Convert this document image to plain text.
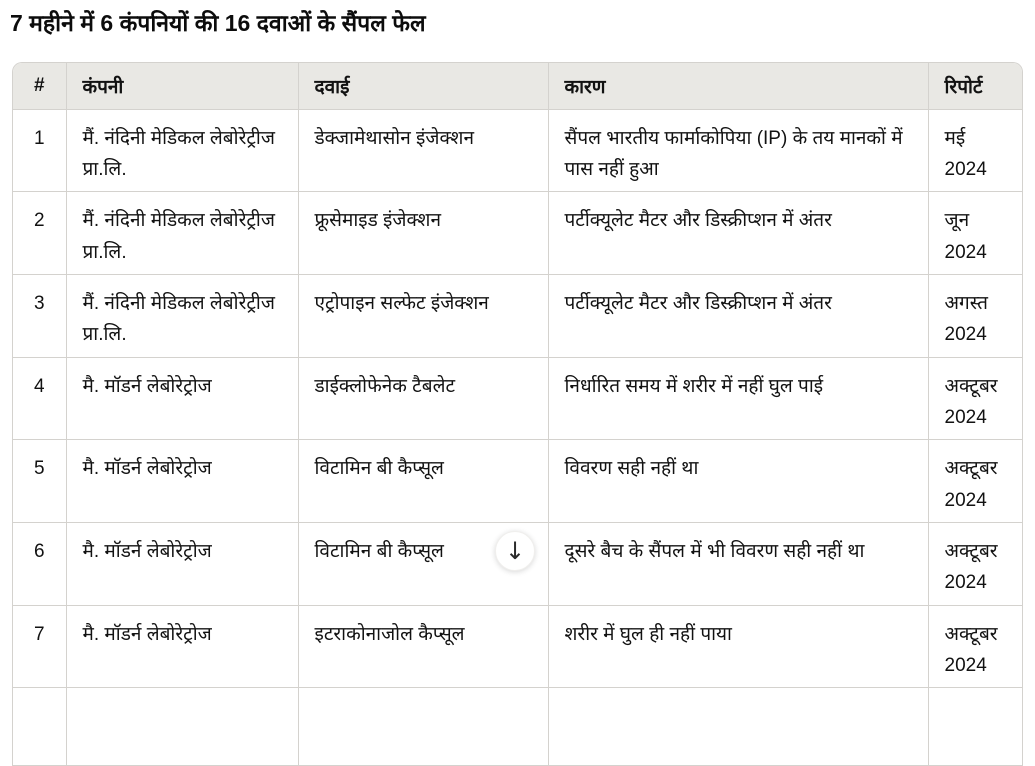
7 महीने में 6 कंपनियों की 16 दवाओं के सैंपल फेल
#	कंपनी	दवाई	कारण	रिपोर्ट
1	मैं. नंदिनी मेडिकल लेबोरेट्रीज प्रा.लि.	डेक्जामेथासोन इंजेक्शन	सैंपल भारतीय फार्माकोपिया (IP) के तय मानकों में पास नहीं हुआ	मई 2024
2	मैं. नंदिनी मेडिकल लेबोरेट्रीज प्रा.लि.	फ्रूसेमाइड इंजेक्शन	पर्टीक्यूलेट मैटर और डिस्क्रीप्शन में अंतर	जून 2024
3	मैं. नंदिनी मेडिकल लेबोरेट्रीज प्रा.लि.	एट्रोपाइन सल्फेट इंजेक्शन	पर्टीक्यूलेट मैटर और डिस्क्रीप्शन में अंतर	अगस्त 2024
4	मै. मॉडर्न लेबोरेट्रोज	डाईक्लोफेनेक टैबलेट	निर्धारित समय में शरीर में नहीं घुल पाई	अक्टूबर 2024
5	मै. मॉडर्न लेबोरेट्रोज	विटामिन बी कैप्सूल	विवरण सही नहीं था	अक्टूबर 2024
6	मै. मॉडर्न लेबोरेट्रोज	विटामिन बी कैप्सूल	दूसरे बैच के सैंपल में भी विवरण सही नहीं था	अक्टूबर 2024
7	मै. मॉडर्न लेबोरेट्रोज	इटराकोनाजोल कैप्सूल	शरीर में घुल ही नहीं पाया	अक्टूबर 2024

↓
